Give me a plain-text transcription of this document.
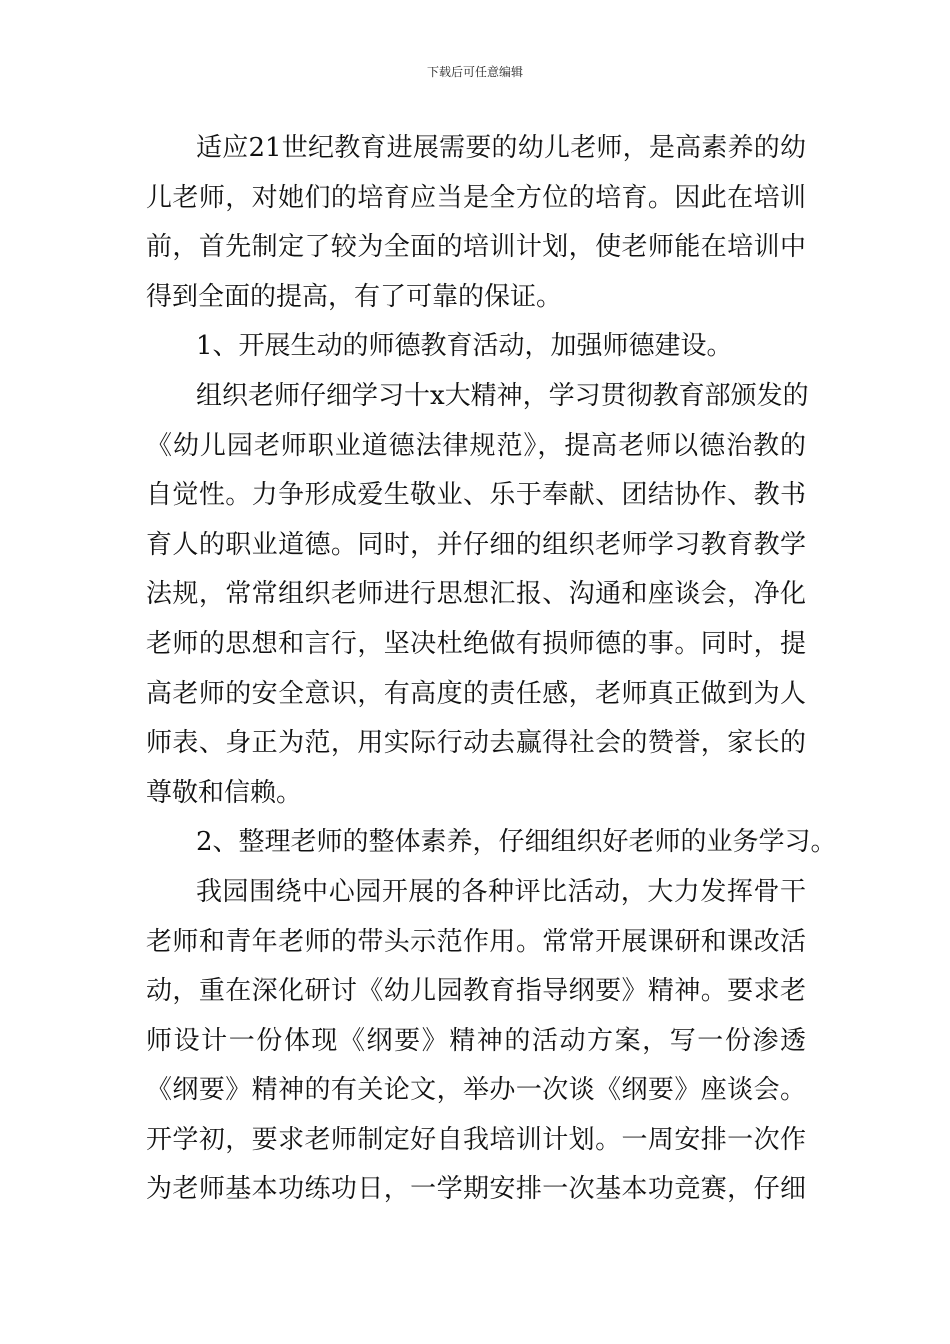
下载后可任意编辑
适应21世纪教育进展需要的幼儿老师，是高素养的幼
儿老师，对她们的培育应当是全方位的培育。因此在培训
前，首先制定了较为全面的培训计划，使老师能在培训中
得到全面的提高，有了可靠的保证。
1、开展生动的师德教育活动，加强师德建设。
组织老师仔细学习十x大精神，学习贯彻教育部颁发的
《幼儿园老师职业道德法律规范》，提高老师以德治教的
自觉性。力争形成爱生敬业、乐于奉献、团结协作、教书
育人的职业道德。同时，并仔细的组织老师学习教育教学
法规，常常组织老师进行思想汇报、沟通和座谈会，净化
老师的思想和言行，坚决杜绝做有损师德的事。同时，提
高老师的安全意识，有高度的责任感，老师真正做到为人
师表、身正为范，用实际行动去赢得社会的赞誉，家长的
尊敬和信赖。
2、整理老师的整体素养，仔细组织好老师的业务学习。
我园围绕中心园开展的各种评比活动，大力发挥骨干
老师和青年老师的带头示范作用。常常开展课研和课改活
动，重在深化研讨《幼儿园教育指导纲要》精神。要求老
师设计一份体现《纲要》精神的活动方案，写一份渗透
《纲要》精神的有关论文，举办一次谈《纲要》座谈会。
开学初，要求老师制定好自我培训计划。一周安排一次作
为老师基本功练功日，一学期安排一次基本功竞赛，仔细
